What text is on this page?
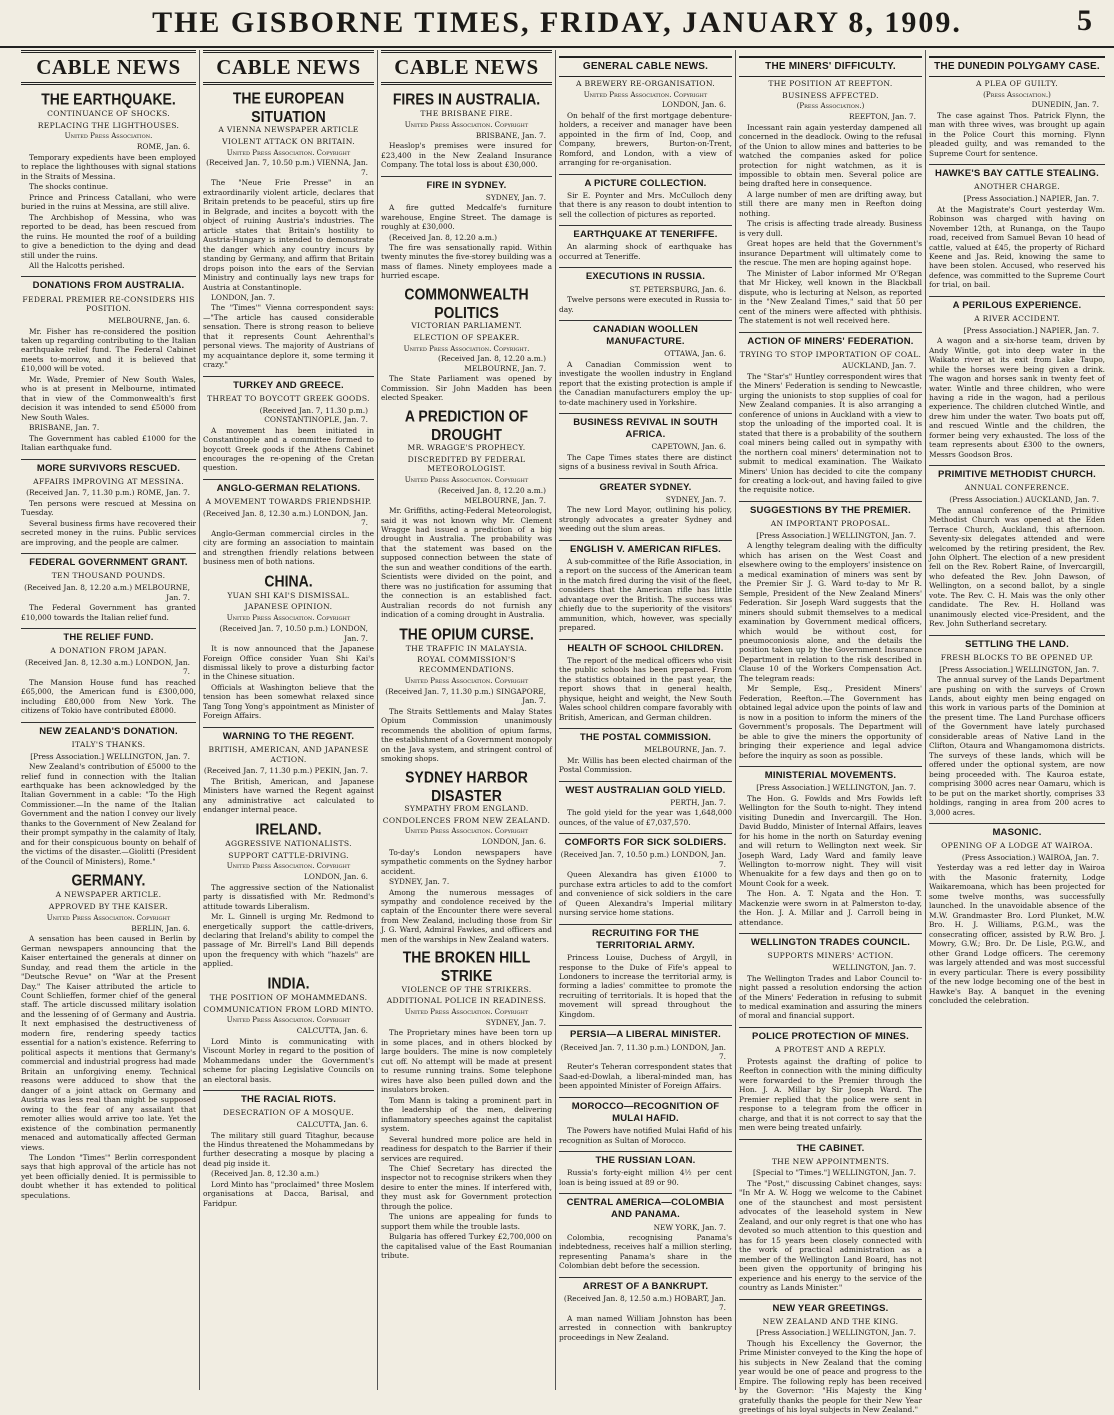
THE GISBORNE TIMES, FRIDAY, JANUARY 8, 1909.	5
CABLE NEWS
THE EARTHQUAKE.
CONTINUANCE OF SHOCKS.
REPLACING THE LIGHTHOUSES.
United Press Association.
ROME, Jan. 6.

Temporary expedients have been employed to replace the lighthouses with signal stations in the Straits of Messina.

The shocks continue.

Prince and Princess Catallani, who were buried in the ruins at Messina, are still alive.

The Archbishop of Messina, who was reported to be dead, has been rescued from the ruins. He mounted the roof of a building to give a benediction to the dying and dead still under the ruins.

All the Halcotts perished.

DONATIONS FROM AUSTRALIA.
FEDERAL PREMIER RE-CONSIDERS HIS POSITION.
MELBOURNE, Jan. 6.

Mr. Fisher has re-considered the position taken up regarding contributing to the Italian earthquake relief fund. The Federal Cabinet meets to-morrow, and it is believed that £10,000 will be voted.

Mr. Wade, Premier of New South Wales, who is at present in Melbourne, intimated that in view of the Commonwealth's first decision it was intended to send £5000 from New South Wales.

BRISBANE, Jan. 7.

The Government has cabled £1000 for the Italian earthquake fund.

MORE SURVIVORS RESCUED.
AFFAIRS IMPROVING AT MESSINA.
(Received Jan. 7, 11.30 p.m.) ROME, Jan. 7.

Ten persons were rescued at Messina on Tuesday.

Several business firms have recovered their secreted money in the ruins. Public services are improving, and the people are calmer.

FEDERAL GOVERNMENT GRANT.
TEN THOUSAND POUNDS.
(Received Jan. 8, 12.20 a.m.) MELBOURNE, Jan. 7.

The Federal Government has granted £10,000 towards the Italian relief fund.

THE RELIEF FUND.
A DONATION FROM JAPAN.
(Received Jan. 8, 12.30 a.m.) LONDON, Jan. 7.

The Mansion House fund has reached £65,000, the American fund is £300,000, including £80,000 from New York. The citizens of Tokio have contributed £8000.

NEW ZEALAND'S DONATION.
ITALY'S THANKS.
[Press Association.] WELLINGTON, Jan. 7.

New Zealand's contribution of £5000 to the relief fund in connection with the Italian earthquake has been acknowledged by the Italian Government in a cable: "To the High Commissioner.—In the name of the Italian Government and the nation I convey our lively thanks to the Government of New Zealand for their prompt sympathy in the calamity of Italy, and for their conspicuous bounty on behalf of the victims of the disaster.—Giolitti (President of the Council of Ministers), Rome."

GERMANY.
A NEWSPAPER ARTICLE.
APPROVED BY THE KAISER.
United Press Association. Copyright
BERLIN, Jan. 6.

A sensation has been caused in Berlin by German newspapers announcing that the Kaiser entertained the generals at dinner on Sunday, and read them the article in the "Deutsche Revue" on "War at the Present Day." The Kaiser attributed the article to Count Schlieffen, former chief of the general staff. The article discussed military isolation and the lessening of of Germany and Austria. It next emphasised the destructiveness of modern fire, rendering speedy tactics essential for a nation's existence. Referring to political aspects it mentions that Germany's commercial and industrial progress had made Britain an unforgiving enemy. Technical reasons were adduced to show that the danger of a joint attack on Germany and Austria was less real than might be supposed owing to the fear of any assailant that remoter allies would arrive too late. Yet the existence of the combination permanently menaced and automatically affected German views.

The London "Times'" Berlin correspondent says that high approval of the article has not yet been officially denied. It is permissible to doubt whether it has extended to political speculations.

CABLE NEWS
THE EUROPEAN SITUATION
A VIENNA NEWSPAPER ARTICLE
VIOLENT ATTACK ON BRITAIN.
United Press Association. Copyright
(Received Jan. 7, 10.50 p.m.) VIENNA, Jan. 7.

The "Neue Frie Presse" in an extraordinarily violent article, declares that Britain pretends to be peaceful, stirs up fire in Belgrade, and incites a boycott with the object of ruining Austria's industries. The article states that Britain's hostility to Austria-Hungary is intended to demonstrate the danger which any country incurs by standing by Germany, and affirm that Britain drops poison into the ears of the Servian Ministry and continually lays new traps for Austria at Constantinople.

LONDON, Jan. 7.

The "Times'" Vienna correspondent says:—"The article has caused considerable sensation. There is strong reason to believe that it represents Count Aehrenthal's personal views. The majority of Austrians of my acquaintance deplore it, some terming it crazy."

TURKEY AND GREECE.
THREAT TO BOYCOTT GREEK GOODS.
(Received Jan. 7, 11.30 p.m.) CONSTANTINOPLE, Jan. 7.

A movement has been initiated in Constantinople and a committee formed to boycott Greek goods if the Athens Cabinet encourages the re-opening of the Cretan question.

ANGLO-GERMAN RELATIONS.
A MOVEMENT TOWARDS FRIENDSHIP.
(Received Jan. 8, 12.30 a.m.) LONDON, Jan. 7.

Anglo-German commercial circles in the city are forming an association to maintain and strengthen friendly relations between business men of both nations.

CHINA.
YUAN SHI KAI'S DISMISSAL.
JAPANESE OPINION.
United Press Association. Copyright
(Received Jan. 7, 10.50 p.m.) LONDON, Jan. 7.

It is now announced that the Japanese Foreign Office consider Yuan Shi Kai's dismissal likely to prove a disturbing factor in the Chinese situation.

Officials at Washington believe that the tension has been somewhat relaxed since Tang Tong Yong's appointment as Minister of Foreign Affairs.

WARNING TO THE REGENT.
BRITISH, AMERICAN, AND JAPANESE ACTION.
(Received Jan. 7, 11.30 p.m.) PEKIN, Jan. 7.

The British, American, and Japanese Ministers have warned the Regent against any administrative act calculated to endanger internal peace.

IRELAND.
AGGRESSIVE NATIONALISTS.
SUPPORT CATTLE-DRIVING.
United Press Association. Copyright
LONDON, Jan. 6.

The aggressive section of the Nationalist party is dissatisfied with Mr. Redmond's attitude towards Liberalism.

Mr. L. Ginnell is urging Mr. Redmond to energetically support the cattle-drivers, declaring that Ireland's ability to compel the passage of Mr. Birrell's Land Bill depends upon the frequency with which "hazels" are applied.

INDIA.
THE POSITION OF MOHAMMEDANS.
COMMUNICATION FROM LORD MINTO.
United Press Association. Copyright
CALCUTTA, Jan. 6.

Lord Minto is communicating with Viscount Morley in regard to the position of Mohammedans under the Government's scheme for placing Legislative Councils on an electoral basis.

THE RACIAL RIOTS.
DESECRATION OF A MOSQUE.
CALCUTTA, Jan. 6.

The military still guard Titaghur, because the Hindus threatened the Mohammedans by further desecrating a mosque by placing a dead pig inside it.

(Received Jan. 8, 12.30 a.m.)

Lord Minto has "proclaimed" three Moslem organisations at Dacca, Barisal, and Faridpur.

CABLE NEWS
FIRES IN AUSTRALIA.
THE BRISBANE FIRE.
United Press Association. Copyright
BRISBANE, Jan. 7.

Heaslop's premises were insured for £23,400 in the New Zealand Insurance Company. The total loss is about £30,000.

FIRE IN SYDNEY.
SYDNEY, Jan. 7.

A fire gutted Medcalfe's furniture warehouse, Engine Street. The damage is roughly at £30,000.

(Received Jan. 8, 12.20 a.m.)

The fire was sensationally rapid. Within twenty minutes the five-storey building was a mass of flames. Ninety employees made a hurried escape.

COMMONWEALTH POLITICS
VICTORIAN PARLIAMENT.
ELECTION OF SPEAKER.
United Press Association. Copyright.
(Received Jan. 8, 12.20 a.m.) MELBOURNE, Jan. 7.

The State Parliament was opened by Commission. Sir John Madden has been elected Speaker.

A PREDICTION OF DROUGHT
MR. WRAGGE'S PROPHECY.
DISCREDITED BY FEDERAL METEOROLOGIST.
United Press Association. Copyright
(Received Jan. 8, 12.20 a.m.) MELBOURNE, Jan. 7.

Mr. Griffiths, acting-Federal Meteorologist, said it was not known why Mr. Clement Wragge had issued a prediction of a big drought in Australia. The probability was that the statement was based on the supposed connection between the state of the sun and weather conditions of the earth. Scientists were divided on the point, and there was no justification for assuming that the connection is an established fact. Australian records do not furnish any indication of a coming drought in Australia.

THE OPIUM CURSE.
THE TRAFFIC IN MALAYSIA.
ROYAL COMMISSION'S RECOMMENDATIONS.
United Press Association. Copyright
(Received Jan. 7, 11.30 p.m.) SINGAPORE, Jan. 7.

The Straits Settlements and Malay States Opium Commission unanimously recommends the abolition of opium farms, the establishment of a Government monopoly on the Java system, and stringent control of smoking shops.

SYDNEY HARBOR DISASTER
SYMPATHY FROM ENGLAND.
CONDOLENCES FROM NEW ZEALAND.
United Press Association. Copyright
LONDON, Jan. 6.

To-day's London newspapers have sympathetic comments on the Sydney harbor accident.

SYDNEY, Jan. 7.

Among the numerous messages of sympathy and condolence received by the captain of the Encounter there were several from New Zealand, including those from Sir J. G. Ward, Admiral Fawkes, and officers and men of the warships in New Zealand waters.

THE BROKEN HILL STRIKE
VIOLENCE OF THE STRIKERS.
ADDITIONAL POLICE IN READINESS.
United Press Association. Copyright
SYDNEY, Jan. 7.

The Proprietary mines have been torn up in some places, and in others blocked by large boulders. The mine is now completely cut off. No attempt will be made at present to resume running trains. Some telephone wires have also been pulled down and the insulators broken.

Tom Mann is taking a prominent part in the leadership of the men, delivering inflammatory speeches against the capitalist system.

Several hundred more police are held in readiness for despatch to the Barrier if their services are required.

The Chief Secretary has directed the inspector not to recognise strikers when they desire to enter the mines. If interfered with, they must ask for Government protection through the police.

The unions are appealing for funds to support them while the trouble lasts.

Bulgaria has offered Turkey £2,700,000 on the capitalised value of the East Roumanian tribute.

GENERAL CABLE NEWS.
A BREWERY RE-ORGANISATION.
United Press Association. Copyright
LONDON, Jan. 6.

On behalf of the first mortgage debenture-holders, a receiver and manager have been appointed in the firm of Ind, Coop, and Company, brewers, Burton-on-Trent, Romford, and London, with a view of arranging for re-organisation.

A PICTURE COLLECTION.

Sir E. Poynter and Mrs. McCulloch deny that there is any reason to doubt intention to sell the collection of pictures as reported.

EARTHQUAKE AT TENERIFFE.

An alarming shock of earthquake has occurred at Teneriffe.

EXECUTIONS IN RUSSIA.
ST. PETERSBURG, Jan. 6.

Twelve persons were executed in Russia to-day.

CANADIAN WOOLLEN MANUFACTURE.
OTTAWA, Jan. 6.

A Canadian Commission went to investigate the woollen industry in England report that the existing protection is ample if the Canadian manufacturers employ the up-to-date machinery used in Yorkshire.

BUSINESS REVIVAL IN SOUTH AFRICA.
CAPETOWN, Jan. 6.

The Cape Times states there are distinct signs of a business revival in South Africa.

GREATER SYDNEY.
SYDNEY, Jan. 7.

The new Lord Mayor, outlining his policy, strongly advocates a greater Sydney and weeding out the slum areas.

ENGLISH V. AMERICAN RIFLES.

A sub-committee of the Rifle Association, in a report on the success of the American team in the match fired during the visit of the fleet, considers that the American rifle has little advantage over the British. The success was chiefly due to the superiority of the visitors' ammunition, which, however, was specially prepared.

HEALTH OF SCHOOL CHILDREN.

The report of the medical officers who visit the public schools has been prepared. From the statistics obtained in the past year, the report shows that in general health, physique, height and weight, the New South Wales school children compare favorably with British, American, and German children.

THE POSTAL COMMISSION.
MELBOURNE, Jan. 7.

Mr. Willis has been elected chairman of the Postal Commission.

WEST AUSTRALIAN GOLD YIELD.
PERTH, Jan. 7.

The gold yield for the year was 1,648,000 ounces, of the value of £7,037,570.

COMFORTS FOR SICK SOLDIERS.
(Received Jan. 7, 10.50 p.m.) LONDON, Jan. 7.

Queen Alexandra has given £1000 to purchase extra articles to add to the comfort and convenience of sick soldiers in the care of Queen Alexandra's Imperial military nursing service home stations.

RECRUITING FOR THE TERRITORIAL ARMY.

Princess Louise, Duchess of Argyll, in response to the Duke of Fife's appeal to Londoners to increase the territorial army, is forming a ladies' committee to promote the recruiting of territorials. It is hoped that the movement will spread throughout the Kingdom.

PERSIA—A LIBERAL MINISTER.
(Received Jan. 7, 11.30 p.m.) LONDON, Jan. 7.

Reuter's Teheran correspondent states that Saad-ed-Dowlah, a liberal-minded man, has been appointed Minister of Foreign Affairs.

MOROCCO—RECOGNITION OF MULAI HAFID.

The Powers have notified Mulai Hafid of his recognition as Sultan of Morocco.

THE RUSSIAN LOAN.

Russia's forty-eight million 4½ per cent loan is being issued at 89 or 90.

CENTRAL AMERICA—COLOMBIA AND PANAMA.
NEW YORK, Jan. 7.

Colombia, recognising Panama's indebtedness, receives half a million sterling, representing Panama's share in the Colombian debt before the secession.

ARREST OF A BANKRUPT.
(Received Jan. 8, 12.50 a.m.) HOBART, Jan. 7.

A man named William Johnston has been arrested in connection with bankruptcy proceedings in New Zealand.

THE MINERS' DIFFICULTY.
THE POSITION AT REEFTON.
BUSINESS AFFECTED.
(Press Association.)
REEFTON, Jan. 7.

Incessant rain again yesterday dampened all concerned in the deadlock. Owing to the refusal of the Union to allow mines and batteries to be watched the companies asked for police protection for night watchmen, as it is impossible to obtain men. Several police are being drafted here in consequence.

A large number of men are drifting away, but still there are many men in Reefton doing nothing.

The crisis is affecting trade already. Business is very dull.

Great hopes are held that the Government's insurance Department will ultimately come to the rescue. The men are hoping against hope.

The Minister of Labor informed Mr O'Regan that Mr Hickey, well known in the Blackball dispute, who is lecturing at Nelson, as reported in the "New Zealand Times," said that 50 per cent of the miners were affected with phthisis. The statement is not well received here.

ACTION OF MINERS' FEDERATION.
TRYING TO STOP IMPORTATION OF COAL.
AUCKLAND, Jan. 7.

The "Star's" Huntley correspondent wires that the Miners' Federation is sending to Newcastle, urging the unionists to stop supplies of coal for New Zealand companies. It is also arranging a conference of unions in Auckland with a view to stop the unloading of the imported coal. It is stated that there is a probability of the southern coal miners being called out in sympathy with the northern coal miners' determination not to submit to medical examination. The Waikato Miners' Union has decided to cite the company for creating a lock-out, and having failed to give the requisite notice.

SUGGESTIONS BY THE PREMIER.
AN IMPORTANT PROPOSAL.
[Press Association.] WELLINGTON, Jan. 7.

A lengthy telegram dealing with the difficulty which has arisen on the West Coast and elsewhere owing to the employers' insistence on a medical examination of miners was sent by the Premier Sir J. G. Ward to-day to Mr R. Semple, President of the New Zealand Miners' Federation. Sir Joseph Ward suggests that the miners should submit themselves to a medical examination by Government medical officers, which would be without cost, for pneumoconiosis alone, and the details the position taken up by the Government Insurance Department in relation to the risk described in Clause 10 of the Workers Compensation Act. The telegram reads:

Mr Semple, Esq., President Miners' Federation, Reefton.—The Government has obtained legal advice upon the points of law and is now in a position to inform the miners of the Government's proposals. The Department will be able to give the miners the opportunity of bringing their experience and legal advice before the inquiry as soon as possible.

MINISTERIAL MOVEMENTS.
[Press Association.] WELLINGTON, Jan. 7.

The Hon. G. Fowlds and Mrs Fowlds left Wellington for the South to-night. They intend visiting Dunedin and Invercargill. The Hon. David Buddo, Minister of Internal Affairs, leaves for his home in the north on Saturday evening and will return to Wellington next week. Sir Joseph Ward, Lady Ward and family leave Wellington to-morrow night. They will visit Whenuakite for a few days and then go on to Mount Cook for a week.

The Hon. A. T. Ngata and the Hon. T. Mackenzie were sworn in at Palmerston to-day, the Hon. J. A. Millar and J. Carroll being in attendance.

WELLINGTON TRADES COUNCIL.
SUPPORTS MINERS' ACTION.
WELLINGTON, Jan. 7.

The Wellington Trades and Labor Council to-night passed a resolution endorsing the action of the Miners' Federation in refusing to submit to medical examination and assuring the miners of moral and financial support.

POLICE PROTECTION OF MINES.
A PROTEST AND A REPLY.

Protests against the drafting of police to Reefton in connection with the mining difficulty were forwarded to the Premier through the Hon. J. A. Millar by Sir Joseph Ward. The Premier replied that the police were sent in response to a telegram from the officer in charge, and that it is not correct to say that the men were being treated unfairly.

THE CABINET.
THE NEW APPOINTMENTS.
[Special to "Times."] WELLINGTON, Jan. 7.

The "Post," discussing Cabinet changes, says: "In Mr A. W. Hogg we welcome to the Cabinet one of the staunchest and most persistent advocates of the leasehold system in New Zealand, and our only regret is that one who has devoted so much attention to this question and has for 15 years been closely connected with the work of practical administration as a member of the Wellington Land Board, has not been given the opportunity of bringing his experience and his energy to the service of the country as Lands Minister."

NEW YEAR GREETINGS.
NEW ZEALAND AND THE KING.
[Press Association.] WELLINGTON, Jan. 7.

Though his Excellency the Governor, the Prime Minister conveyed to the King the hope of his subjects in New Zealand that the coming year would be one of peace and progress to the Empire. The following reply has been received by the Governor: "His Majesty the King gratefully thanks the people for their New Year greetings of his loyal subjects in New Zealand."

THE DUNEDIN POLYGAMY CASE.
A PLEA OF GUILTY.
(Press Association.)
DUNEDIN, Jan. 7.

The case against Thos. Patrick Flynn, the man with three wives, was brought up again in the Police Court this morning. Flynn pleaded guilty, and was remanded to the Supreme Court for sentence.

HAWKE'S BAY CATTLE STEALING.
ANOTHER CHARGE.
[Press Association.] NAPIER, Jan. 7.

At the Magistrate's Court yesterday Wm. Robinson was charged with having on November 12th, at Runanga, on the Taupo road, received from Samuel Bevan 10 head of cattle, valued at £45, the property of Richard Keene and Jas. Reid, knowing the same to have been stolen. Accused, who reserved his defence, was committed to the Supreme Court for trial, on bail.

A PERILOUS EXPERIENCE.
A RIVER ACCIDENT.
[Press Association.] NAPIER, Jan. 7.

A wagon and a six-horse team, driven by Andy Wintle, got into deep water in the Waikato river at its exit from Lake Taupo, while the horses were being given a drink. The wagon and horses sank in twenty feet of water. Wintle and three children, who were having a ride in the wagon, had a perilous experience. The children clutched Wintle, and drew him under the water. Two boats put off, and rescued Wintle and the children, the former being very exhausted. The loss of the team represents about £300 to the owners, Messrs Goodson Bros.

PRIMITIVE METHODIST CHURCH.
ANNUAL CONFERENCE.
(Press Association.) AUCKLAND, Jan. 7.

The annual conference of the Primitive Methodist Church was opened at the Eden Terrace Church, Auckland, this afternoon. Seventy-six delegates attended and were welcomed by the retiring president, the Rev. John Olphert. The election of a new president fell on the Rev. Robert Raine, of Invercargill, who defeated the Rev. John Dawson, of Wellington, on a second ballot, by a single vote. The Rev. C. H. Mais was the only other candidate. The Rev. H. Holland was unanimously elected vice-President, and the Rev. John Sutherland secretary.

SETTLING THE LAND.
FRESH BLOCKS TO BE OPENED UP.
[Press Association.] WELLINGTON, Jan. 7.

The annual survey of the Lands Department are pushing on with the surveys of Crown Lands, about eighty men being engaged on this work in various parts of the Dominion at the present time. The Land Purchase officers of the Government have lately purchased considerable areas of Native Land in the Clifton, Otaura and Whangamomona districts. The surveys of these lands, which will be offered under the optional system, are now being proceeded with. The Kauroa estate, comprising 3000 acres near Oamaru, which is to be put on the market shortly, comprises 33 holdings, ranging in area from 200 acres to 3,000 acres.

MASONIC.
OPENING OF A LODGE AT WAIROA.
(Press Association.) WAIROA, Jan. 7.

Yesterday was a red letter day in Wairoa with the Masonic fraternity, Lodge Waikaremoana, which has been projected for some twelve months, was successfully launched. In the unavoidable absence of the M.W. Grandmaster Bro. Lord Plunket, M.W. Bro. H. J. Williams, P.G.M., was the consecrating officer, assisted by R.W. Bro. J. Mowry, G.W.; Bro. Dr. De Lisle, P.G.W., and other Grand Lodge officers. The ceremony was largely attended and was most successful in every particular. There is every possibility of the new lodge becoming one of the best in Hawke's Bay. A banquet in the evening concluded the celebration.
